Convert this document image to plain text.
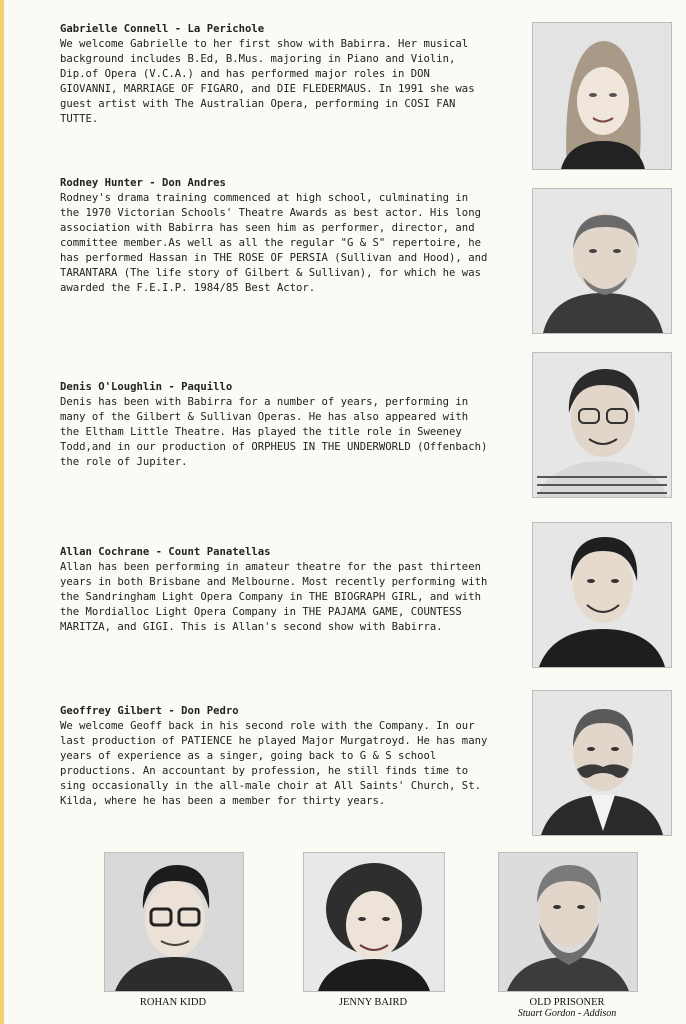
Gabrielle Connell - La Perichole
We welcome Gabrielle to her first show with Babirra. Her musical background includes B.Ed, B.Mus. majoring in Piano and Violin, Dip.of Opera (V.C.A.) and has performed major roles in DON GIOVANNI, MARRIAGE OF FIGARO, and DIE FLEDERMAUS. In 1991 she was guest artist with The Australian Opera, performing in COSI FAN TUTTE.
Rodney Hunter - Don Andres
Rodney's drama training commenced at high school, culminating in the 1970 Victorian Schools' Theatre Awards as best actor. His long association with Babirra has seen him as performer, director, and committee member.As well as all the regular "G & S" repertoire, he has performed Hassan in THE ROSE OF PERSIA (Sullivan and Hood), and TARANTARA (The life story of Gilbert & Sullivan), for which he was awarded the F.E.I.P. 1984/85 Best Actor.
Denis O'Loughlin - Paquillo
Denis has been with Babirra for a number of years, performing in many of the Gilbert & Sullivan Operas. He has also appeared with the Eltham Little Theatre. Has played the title role in Sweeney Todd,and in our production of ORPHEUS IN THE UNDERWORLD (Offenbach) the role of Jupiter.
Allan Cochrane - Count Panatellas
Allan has been performing in amateur theatre for the past thirteen years in both Brisbane and Melbourne. Most recently performing with the Sandringham Light Opera Company in THE BIOGRAPH GIRL, and with the Mordialloc Light Opera Company in THE PAJAMA GAME, COUNTESS MARITZA, and GIGI. This is Allan's second show with Babirra.
Geoffrey Gilbert - Don Pedro
We welcome Geoff back in his second role with the Company. In our last production of PATIENCE he played Major Murgatroyd. He has many years of experience as a singer, going back to G & S school productions. An accountant by profession, he still finds time to sing occasionally in the all-male choir at All Saints' Church, St. Kilda, where he has been a member for thirty years.
ROHAN KIDD	JENNY BAIRD	OLD PRISONER
Stuart Gordon - Addison
